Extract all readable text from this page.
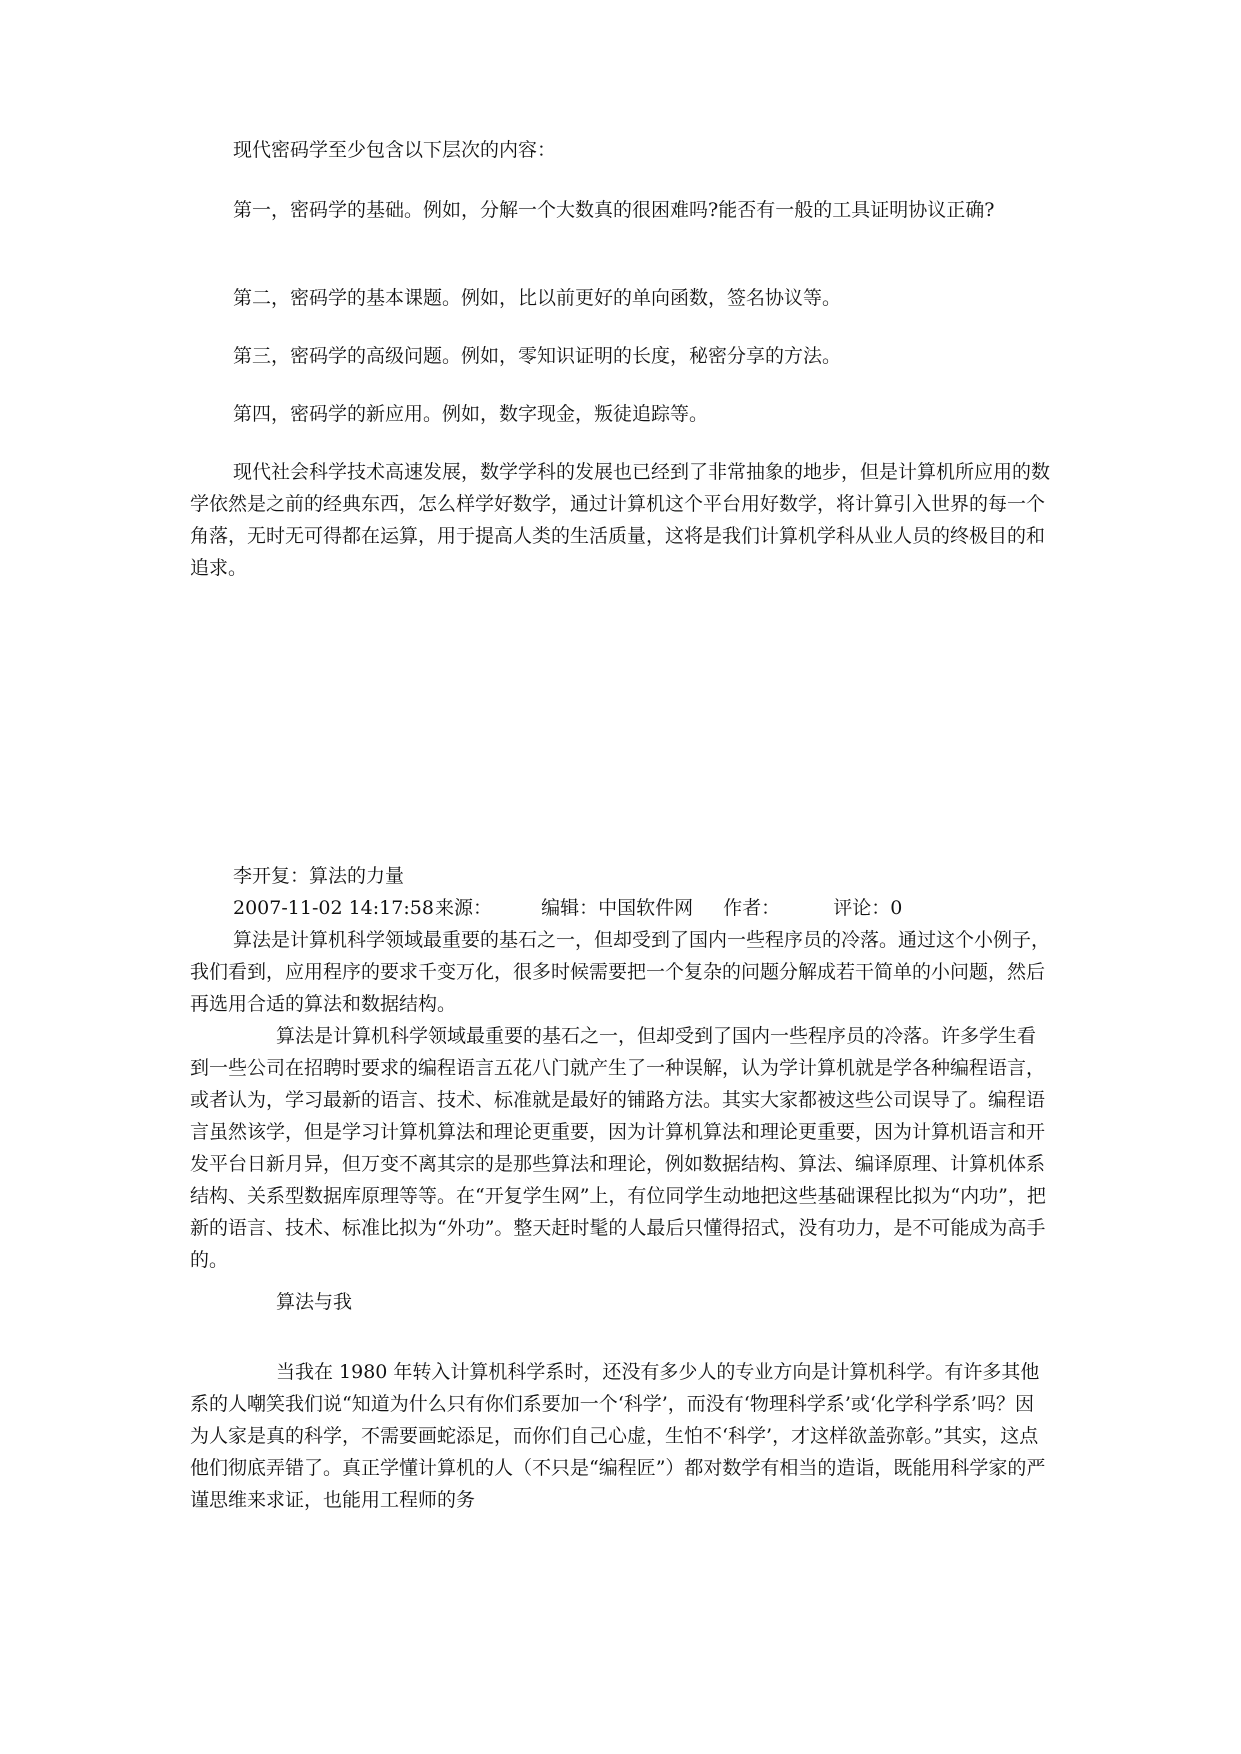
现代密码学至少包含以下层次的内容：
第一，密码学的基础。例如，分解一个大数真的很困难吗?能否有一般的工具证明协议正确?
第二，密码学的基本课题。例如，比以前更好的单向函数，签名协议等。
第三，密码学的高级问题。例如，零知识证明的长度，秘密分享的方法。
第四，密码学的新应用。例如，数字现金，叛徒追踪等。
现代社会科学技术高速发展，数学学科的发展也已经到了非常抽象的地步，但是计算机所应用的数学依然是之前的经典东西，怎么样学好数学，通过计算机这个平台用好数学，将计算引入世界的每一个角落，无时无可得都在运算，用于提高人类的生活质量，这将是我们计算机学科从业人员的终极目的和追求。
李开复：算法的力量
2007-11-02 14:17:58 来源：	编辑：中国软件网 作者：	评论：0
算法是计算机科学领域最重要的基石之一，但却受到了国内一些程序员的冷落。通过这个小例子，我们看到，应用程序的要求千变万化，很多时候需要把一个复杂的问题分解成若干简单的小问题，然后再选用合适的算法和数据结构。
算法是计算机科学领域最重要的基石之一，但却受到了国内一些程序员的冷落。许多学生看到一些公司在招聘时要求的编程语言五花八门就产生了一种误解，认为学计算机就是学各种编程语言，或者认为，学习最新的语言、技术、标准就是最好的铺路方法。其实大家都被这些公司误导了。编程语言虽然该学，但是学习计算机算法和理论更重要，因为计算机算法和理论更重要，因为计算机语言和开发平台日新月异，但万变不离其宗的是那些算法和理论，例如数据结构、算法、编译原理、计算机体系结构、关系型数据库原理等等。在“开复学生网”上，有位同学生动地把这些基础课程比拟为“内功”，把新的语言、技术、标准比拟为“外功”。整天赶时髦的人最后只懂得招式，没有功力，是不可能成为高手的。
算法与我
当我在 1980 年转入计算机科学系时，还没有多少人的专业方向是计算机科学。有许多其他系的人嘲笑我们说“知道为什么只有你们系要加一个‘科学’，而没有‘物理科学系’或‘化学科学系’吗？因为人家是真的科学，不需要画蛇添足，而你们自己心虚，生怕不‘科学’，才这样欲盖弥彰。”其实，这点他们彻底弄错了。真正学懂计算机的人（不只是“编程匠”）都对数学有相当的造诣，既能用科学家的严谨思维来求证，也能用工程师的务
